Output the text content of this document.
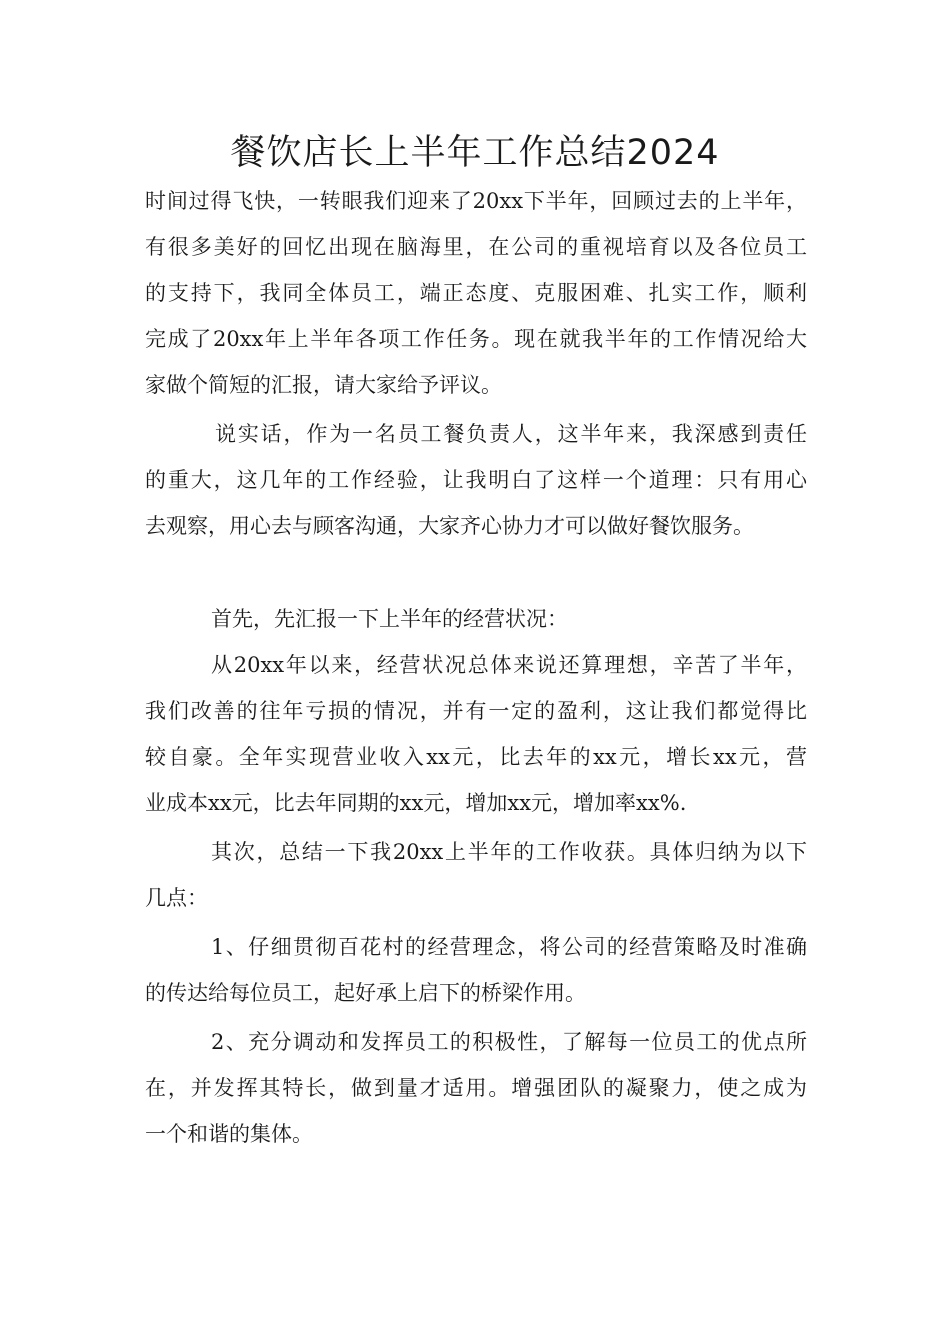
餐饮店长上半年工作总结2024
时间过得飞快，一转眼我们迎来了20xx下半年，回顾过去的上半年，
有很多美好的回忆出现在脑海里，在公司的重视培育以及各位员工
的支持下，我同全体员工，端正态度、克服困难、扎实工作，顺利
完成了20xx年上半年各项工作任务。现在就我半年的工作情况给大
家做个简短的汇报，请大家给予评议。
说实话，作为一名员工餐负责人，这半年来，我深感到责任
的重大，这几年的工作经验，让我明白了这样一个道理：只有用心
去观察，用心去与顾客沟通，大家齐心协力才可以做好餐饮服务。
首先，先汇报一下上半年的经营状况：
从20xx年以来，经营状况总体来说还算理想，辛苦了半年，
我们改善的往年亏损的情况，并有一定的盈利，这让我们都觉得比
较自豪。全年实现营业收入xx元，比去年的xx元，增长xx元，营
业成本xx元，比去年同期的xx元，增加xx元，增加率xx%.
其次，总结一下我20xx上半年的工作收获。具体归纳为以下
几点：
1、仔细贯彻百花村的经营理念，将公司的经营策略及时准确
的传达给每位员工，起好承上启下的桥梁作用。
2、充分调动和发挥员工的积极性，了解每一位员工的优点所
在，并发挥其特长，做到量才适用。增强团队的凝聚力，使之成为
一个和谐的集体。
